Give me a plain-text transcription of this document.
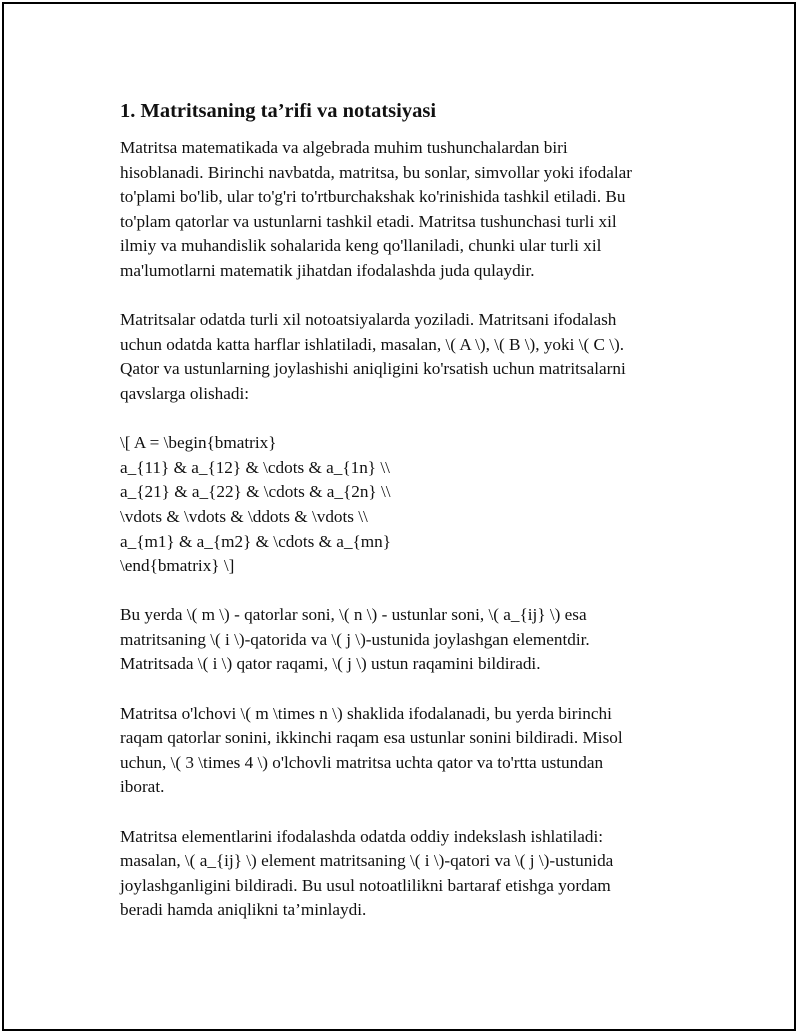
1. Matritsaning ta’rifi va notatsiyasi

Matritsa matematikada va algebrada muhim tushunchalardan biri
hisoblanadi. Birinchi navbatda, matritsa, bu sonlar, simvollar yoki ifodalar
to'plami bo'lib, ular to'g'ri to'rtburchakshak ko'rinishida tashkil etiladi. Bu
to'plam qatorlar va ustunlarni tashkil etadi. Matritsa tushunchasi turli xil
ilmiy va muhandislik sohalarida keng qo'llaniladi, chunki ular turli xil
ma'lumotlarni matematik jihatdan ifodalashda juda qulaydir.

Matritsalar odatda turli xil notoatsiyalarda yoziladi. Matritsani ifodalash
uchun odatda katta harflar ishlatiladi, masalan, \( A \), \( B \), yoki \( C \).
Qator va ustunlarning joylashishi aniqligini ko'rsatish uchun matritsalarni
qavslarga olishadi:

\[ A = \begin{bmatrix}
a_{11} & a_{12} & \cdots & a_{1n} \\
a_{21} & a_{22} & \cdots & a_{2n} \\
\vdots & \vdots & \ddots & \vdots \\
a_{m1} & a_{m2} & \cdots & a_{mn}
\end{bmatrix} \]

Bu yerda \( m \) - qatorlar soni, \( n \) - ustunlar soni, \( a_{ij} \) esa
matritsaning \( i \)-qatorida va \( j \)-ustunida joylashgan elementdir.
Matritsada \( i \) qator raqami, \( j \) ustun raqamini bildiradi.

Matritsa o'lchovi \( m \times n \) shaklida ifodalanadi, bu yerda birinchi
raqam qatorlar sonini, ikkinchi raqam esa ustunlar sonini bildiradi. Misol
uchun, \( 3 \times 4 \) o'lchovli matritsa uchta qator va to'rtta ustundan
iborat.

Matritsa elementlarini ifodalashda odatda oddiy indekslash ishlatiladi:
masalan, \( a_{ij} \) element matritsaning \( i \)-qatori va \( j \)-ustunida
joylashganligini bildiradi. Bu usul notoatlilikni bartaraf etishga yordam
beradi hamda aniqlikni ta’minlaydi.
